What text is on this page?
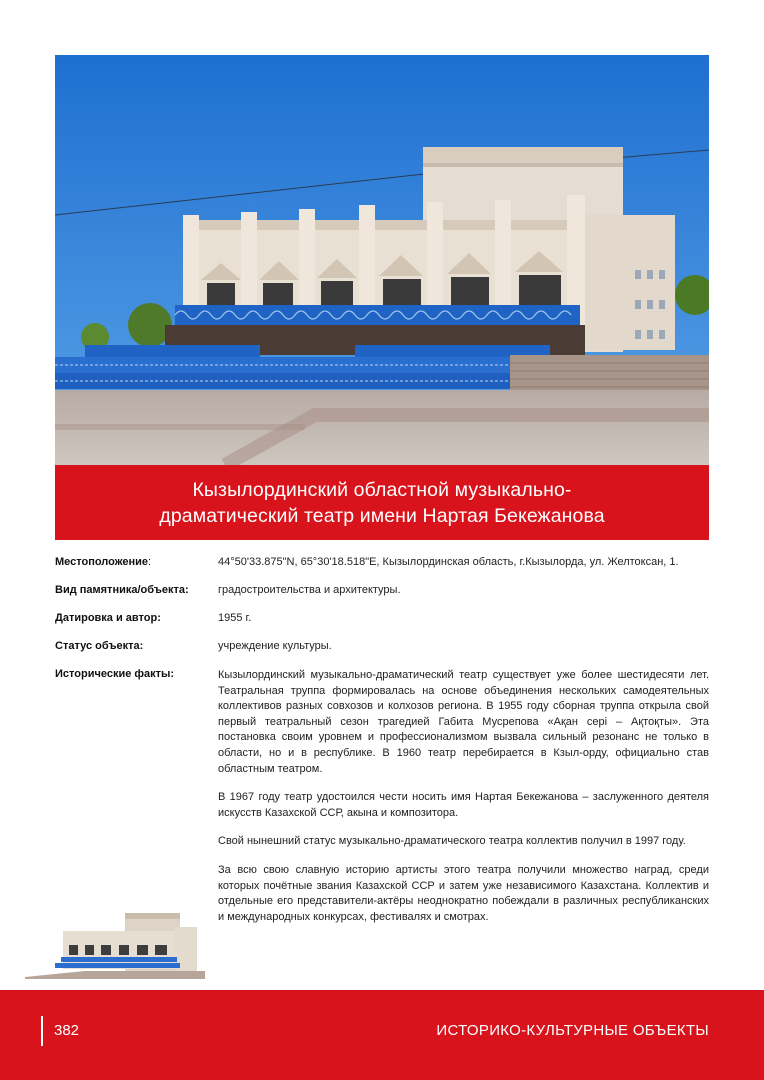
Кызылординский областной музыкально-
драматический театр имени Нартая Бекежанова
Местоположение:	44°50'33.875"N, 65°30'18.518"E, Кызылординская область, г.Кызылорда, ул. Желтоксан, 1.
Вид памятника/объекта:	градостроительства и архитектуры.
Датировка и автор:	1955 г.
Статус объекта:	учреждение культуры.
Исторические факты:	Кызылординский музыкально-драматический театр существует уже более шестидесяти лет. Театральная труппа формировалась на основе объединения нескольких самодеятельных коллективов разных совхозов и колхозов региона. В 1955 году сборная труппа открыла свой первый театральный сезон трагедией Габита Мусрепова «Ақан серi – Ақтоқты». Эта постановка своим уровнем и профессионализмом вызвала сильный резонанс не только в области, но и в республике. В 1960 театр перебирается в Кзыл-орду, официально став областным театром.

В 1967 году театр удостоился чести носить имя Нартая Бекежанова – заслуженного деятеля искусств Казахской ССР, акына и композитора.

Свой нынешний статус музыкально-драматического театра коллектив получил в 1997 году.

За всю свою славную историю артисты этого театра получили множество наград, среди которых почётные звания Казахской ССР и затем уже независимого Казахстана. Коллектив и отдельные его представители-актёры неоднократно побеждали в различных республиканских и международных конкурсах, фестивалях и смотрах.

382	ИСТОРИКО-КУЛЬТУРНЫЕ ОБЪЕКТЫ
